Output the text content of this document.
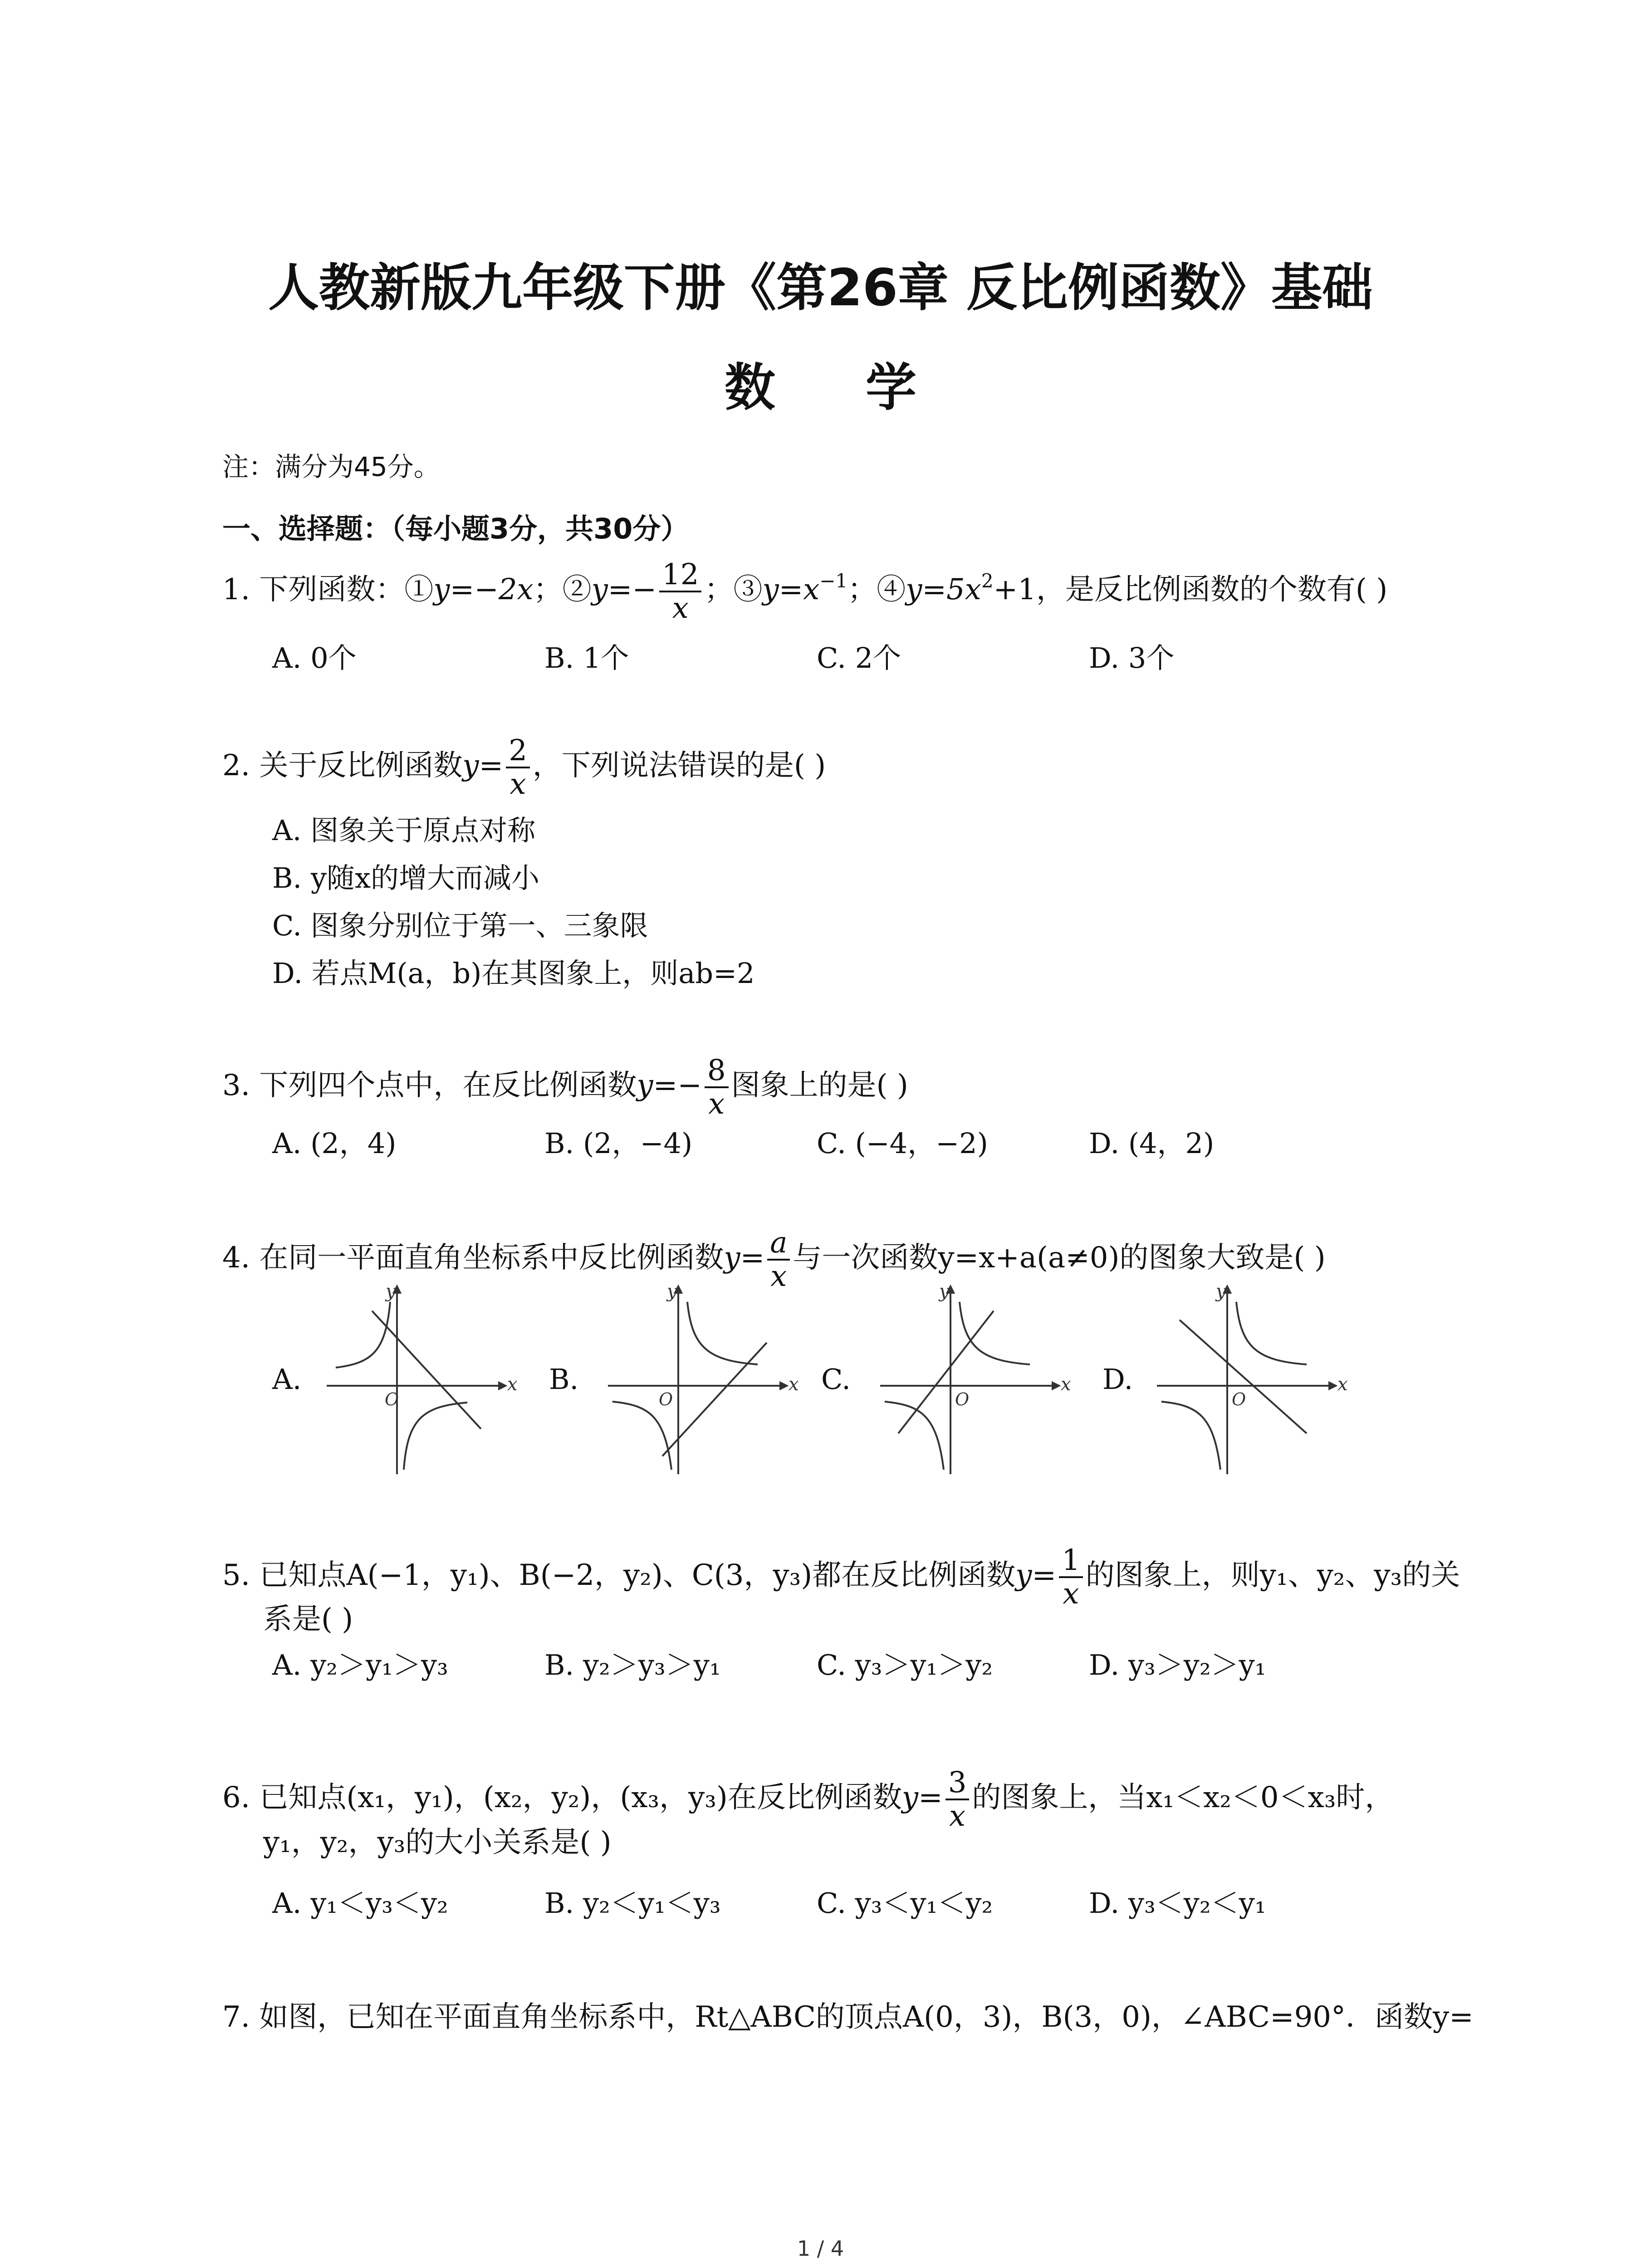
人教新版九年级下册《第26章 反比例函数》基础
数 学
注：满分为45分。
一、选择题：（每小题3分，共30分）
1. 下列函数：①y=−2x；②y=− $\frac{12}{x}$ ；$③y=x^{-1}$；$④y=5x^2+1$，是反比例函数的个数有( )
A. 0个	B. 1个	C. 2个	D. 3个
2. 关于反比例函数$y= \frac{2}{x}$ ，下列说法错误的是( )
A. 图象关于原点对称
B. y随x的增大而减小
C. 图象分别位于第一、三象限
D. 若点M(a，b)在其图象上，则ab=2
3. 下列四个点中，在反比例函数$y=- \frac{8}{x}$ 图象上的是( )
A. (2，4)	B. (2，−4)	C. (−4，−2)	D. (4，2)
4. 在同一平面直角坐标系中反比例函数$y= \frac{a}{x}$ 与一次函数y=x+a(a≠0)的图象大致是( )
A.	B.	C.	D.
x
y
O
x
y
O
x
y
O
x
y
O
5. 已知点A(−1，y₁)、B(−2，y₂)、C(3，y₃)都在反比例函数$y= \frac{1}{x}$ 的图象上，则y₁、y₂、y₃的关
系是( )
A. y₂＞y₁＞y₃	B. y₂＞y₃＞y₁	C. y₃＞y₁＞y₂	D. y₃＞y₂＞y₁
6. 已知点(x₁，y₁)，(x₂，y₂)，(x₃，y₃)在反比例函数$y= \frac{3}{x}$ 的图象上，当x₁＜x₂＜0＜x₃时，
y₁，y₂，y₃的大小关系是( )
A. y₁＜y₃＜y₂	B. y₂＜y₁＜y₃	C. y₃＜y₁＜y₂	D. y₃＜y₂＜y₁
7. 如图，已知在平面直角坐标系中，Rt△ABC的顶点A(0，3)，B(3，0)，∠ABC=90°．函数y=
1 / 4
